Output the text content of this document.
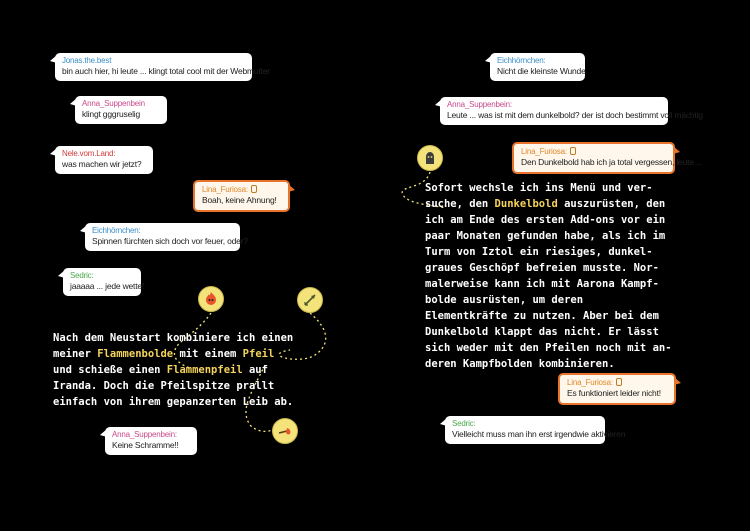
Jonas.the.best
bin auch hier, hi leute ... klingt total cool mit der Webmutter
Anna_Suppenbein
klingt gggruselig
Nele.vom.Land:
was machen wir jetzt?
Lina_Furiosa:
Boah, keine Ahnung!
Eichhörnchen:
Spinnen fürchten sich doch vor feuer, oder?
Sedric:
jaaaaa ... jede wette!
Nach dem Neustart kombiniere ich einen
meiner Flammenbolde mit einem Pfeil
und schieße einen Flammenpfeil auf
Iranda. Doch die Pfeilspitze prallt
einfach von ihrem gepanzerten Leib ab.
Anna_Suppenbein:
Keine Schramme!!
Eichhörnchen:
Nicht die kleinste Wunde
Anna_Suppenbein:
Leute ... was ist mit dem dunkelbold? der ist doch bestimmt voll mächtig
Lina_Furiosa:
Den Dunkelbold hab ich ja total vergessen, leute ...
Sofort wechsle ich ins Menü und ver-
suche, den Dunkelbold auszurüsten, den
ich am Ende des ersten Add-ons vor ein
paar Monaten gefunden habe, als ich im
Turm von Iztol ein riesiges, dunkel-
graues Geschöpf befreien musste. Nor-
malerweise kann ich mit Aarona Kampf-
bolde ausrüsten, um deren
Elementkräfte zu nutzen. Aber bei dem
Dunkelbold klappt das nicht. Er lässt
sich weder mit den Pfeilen noch mit an-
deren Kampfbolden kombinieren.
Lina_Furiosa:
Es funktioniert leider nicht!
Sedric:
Vielleicht muss man ihn erst irgendwie aktivieren
